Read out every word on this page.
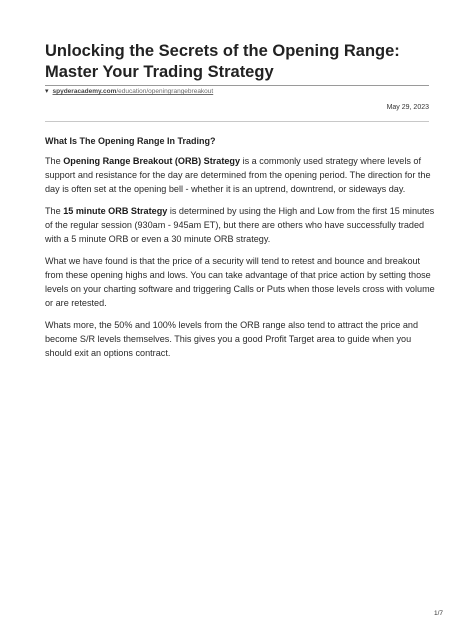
Unlocking the Secrets of the Opening Range: Master Your Trading Strategy
▾ spyderacademy.com/education/openingrangebreakout
May 29, 2023
What Is The Opening Range In Trading?

The Opening Range Breakout (ORB) Strategy is a commonly used strategy where levels of support and resistance for the day are determined from the opening period. The direction for the day is often set at the opening bell - whether it is an uptrend, downtrend, or sideways day.

The 15 minute ORB Strategy is determined by using the High and Low from the first 15 minutes of the regular session (930am - 945am ET), but there are others who have successfully traded with a 5 minute ORB or even a 30 minute ORB strategy.

What we have found is that the price of a security will tend to retest and bounce and breakout from these opening highs and lows. You can take advantage of that price action by setting those levels on your charting software and triggering Calls or Puts when those levels cross with volume or are retested.

Whats more, the 50% and 100% levels from the ORB range also tend to attract the price and become S/R levels themselves. This gives you a good Profit Target area to guide when you should exit an options contract.

1/7
